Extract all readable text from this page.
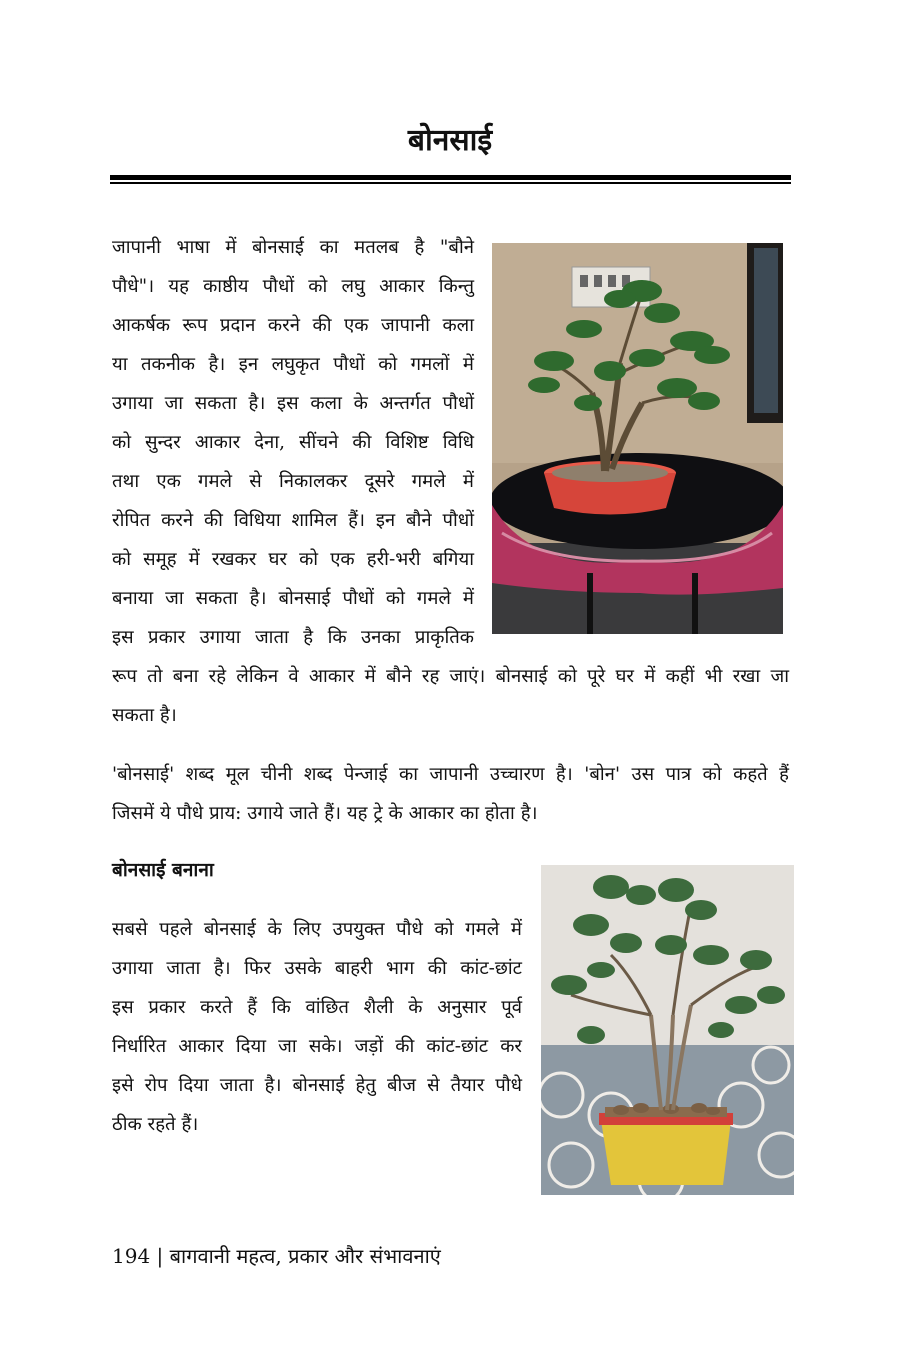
बोनसाई

जापानी भाषा में बोनसाई का मतलब है "बौने

पौधे"। यह काष्ठीय पौधों को लघु आकार किन्तु

आकर्षक रूप प्रदान करने की एक जापानी कला

या तकनीक है। इन लघुकृत पौधों को गमलों में

उगाया जा सकता है। इस कला के अन्तर्गत पौधों

को सुन्दर आकार देना, सींचने की विशिष्ट विधि

तथा एक गमले से निकालकर दूसरे गमले में

रोपित करने की विधिया शामिल हैं। इन बौने पौधों

को समूह में रखकर घर को एक हरी-भरी बगिया

बनाया जा सकता है। बोनसाई पौधों को गमले में

इस प्रकार उगाया जाता है कि उनका प्राकृतिक

रूप तो बना रहे लेकिन वे आकार में बौने रह जाएं। बोनसाई को पूरे घर में कहीं भी रखा जा

सकता है।

'बोनसाई' शब्द मूल चीनी शब्द पेन्जाई का जापानी उच्चारण है। 'बोन' उस पात्र को कहते हैं

जिसमें ये पौधे प्राय: उगाये जाते हैं। यह ट्रे के आकार का होता है।

बोनसाई बनाना

सबसे पहले बोनसाई के लिए उपयुक्त पौधे को गमले में

उगाया जाता है। फिर उसके बाहरी भाग की कांट-छांट

इस प्रकार करते हैं कि वांछित शैली के अनुसार पूर्व

निर्धारित आकार दिया जा सके। जड़ों की कांट-छांट कर

इसे रोप दिया जाता है। बोनसाई हेतु बीज से तैयार पौधे

ठीक रहते हैं।

194 | बागवानी महत्व, प्रकार और संभावनाएं
